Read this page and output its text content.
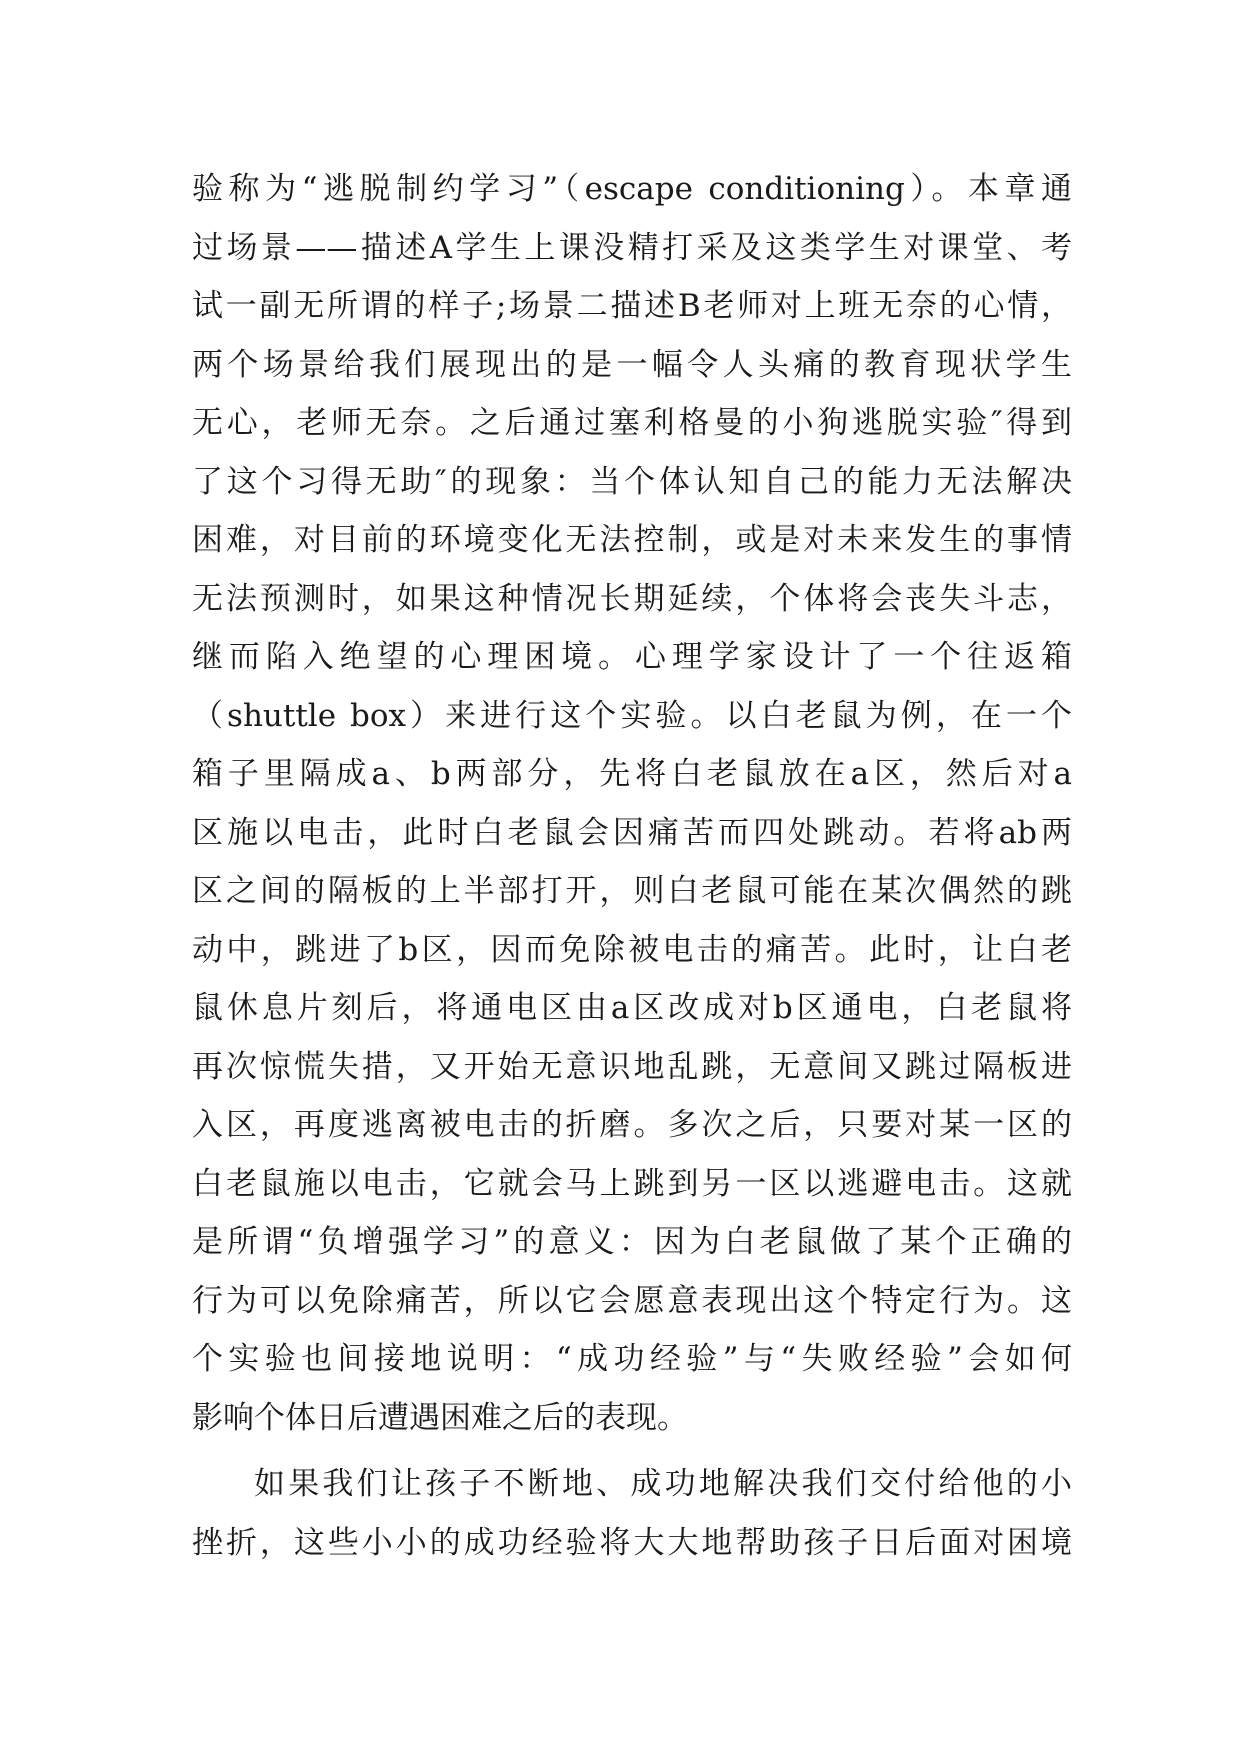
验称为“逃脱制约学习”（escape conditioning）。本章通
过场景——描述A学生上课没精打采及这类学生对课堂、考
试一副无所谓的样子;场景二描述B老师对上班无奈的心情，
两个场景给我们展现出的是一幅令人头痛的教育现状学生
无心，老师无奈。之后通过塞利格曼的小狗逃脱实验″得到
了这个习得无助″的现象：当个体认知自己的能力无法解决
困难，对目前的环境变化无法控制，或是对未来发生的事情
无法预测时，如果这种情况长期延续，个体将会丧失斗志，
继而陷入绝望的心理困境。心理学家设计了一个往返箱
（shuttle box）来进行这个实验。以白老鼠为例，在一个
箱子里隔成a、b两部分，先将白老鼠放在a区，然后对a
区施以电击，此时白老鼠会因痛苦而四处跳动。若将ab两
区之间的隔板的上半部打开，则白老鼠可能在某次偶然的跳
动中，跳进了b区，因而免除被电击的痛苦。此时，让白老
鼠休息片刻后，将通电区由a区改成对b区通电，白老鼠将
再次惊慌失措，又开始无意识地乱跳，无意间又跳过隔板进
入区，再度逃离被电击的折磨。多次之后，只要对某一区的
白老鼠施以电击，它就会马上跳到另一区以逃避电击。这就
是所谓“负增强学习”的意义：因为白老鼠做了某个正确的
行为可以免除痛苦，所以它会愿意表现出这个特定行为。这
个实验也间接地说明：“成功经验”与“失败经验”会如何
影响个体日后遭遇困难之后的表现。
如果我们让孩子不断地、成功地解决我们交付给他的小
挫折，这些小小的成功经验将大大地帮助孩子日后面对困境
